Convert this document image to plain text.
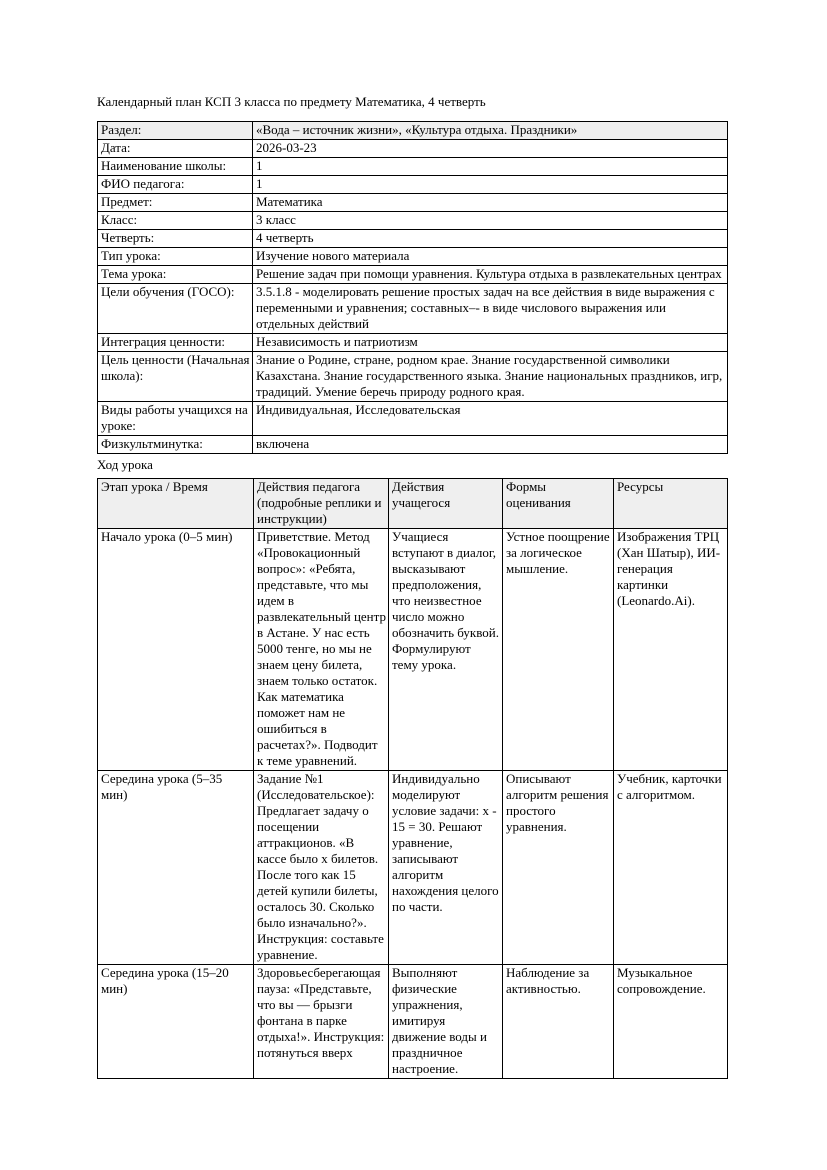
Календарный план КСП 3 класса по предмету Математика, 4 четверть
Раздел:	«Вода – источник жизни», «Культура отдыха. Праздники»
Дата:	2026-03-23
Наименование школы:	1
ФИО педагога:	1
Предмет:	Математика
Класс:	3 класс
Четверть:	4 четверть
Тип урока:	Изучение нового материала
Тема урока:	Решение задач при помощи уравнения. Культура отдыха в развлекательных центрах
Цели обучения (ГОСО):	3.5.1.8 - моделировать решение простых задач на все действия в виде выражения с переменными и уравнения; составных–- в виде числового выражения или отдельных действий
Интеграция ценности:	Независимость и патриотизм
Цель ценности (Начальная школа):	Знание о Родине, стране, родном крае. Знание государственной символики Казахстана. Знание государственного языка. Знание национальных праздников, игр, традиций. Умение беречь природу родного края.
Виды работы учащихся на уроке:	Индивидуальная, Исследовательская
Физкультминутка:	включена
Ход урока
Этап урока / Время	Действия педагога (подробные реплики и инструкции)	Действия учащегося	Формы оценивания	Ресурсы
Начало урока (0–5 мин)	Приветствие. Метод «Провокационный вопрос»: «Ребята, представьте, что мы идем в развлекательный центр в Астане. У нас есть 5000 тенге, но мы не знаем цену билета, знаем только остаток. Как математика поможет нам не ошибиться в расчетах?». Подводит к теме уравнений.	Учащиеся вступают в диалог, высказывают предположения, что неизвестное число можно обозначить буквой. Формулируют тему урока.	Устное поощрение за логическое мышление.	Изображения ТРЦ (Хан Шатыр), ИИ-генерация картинки (Leonardo.Ai).
Середина урока (5–35 мин)	Задание №1 (Исследовательское): Предлагает задачу о посещении аттракционов. «В кассе было x билетов. После того как 15 детей купили билеты, осталось 30. Сколько было изначально?». Инструкция: составьте уравнение.	Индивидуально моделируют условие задачи: x - 15 = 30. Решают уравнение, записывают алгоритм нахождения целого по части.	Описывают алгоритм решения простого уравнения.	Учебник, карточки с алгоритмом.
Середина урока (15–20 мин)	Здоровьесберегающая пауза: «Представьте, что вы — брызги фонтана в парке отдыха!». Инструкция: потянуться вверх	Выполняют физические упражнения, имитируя движение воды и праздничное настроение.	Наблюдение за активностью.	Музыкальное сопровождение.
